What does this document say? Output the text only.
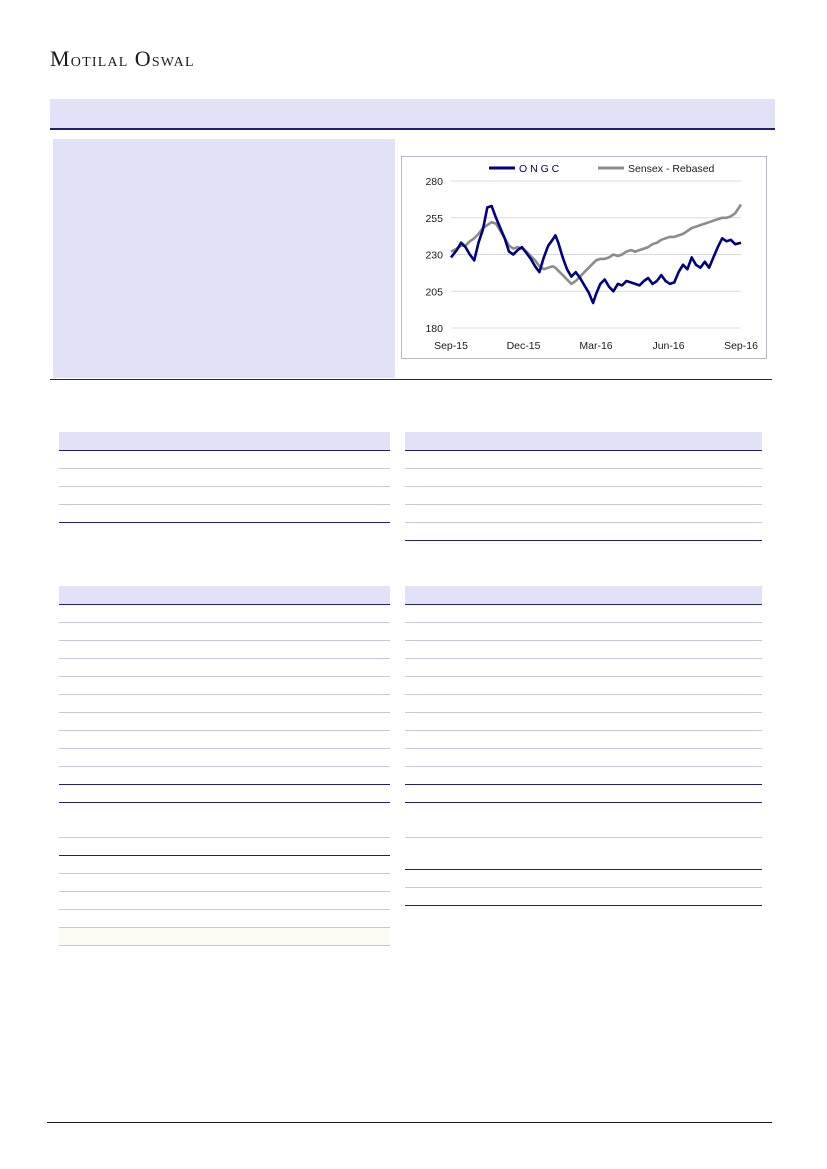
Motilal Oswal
180
205
230
255
280
Sep-15	Dec-15	Mar-16	Jun-16	Sep-16
O N G C	Sensex - Rebased
